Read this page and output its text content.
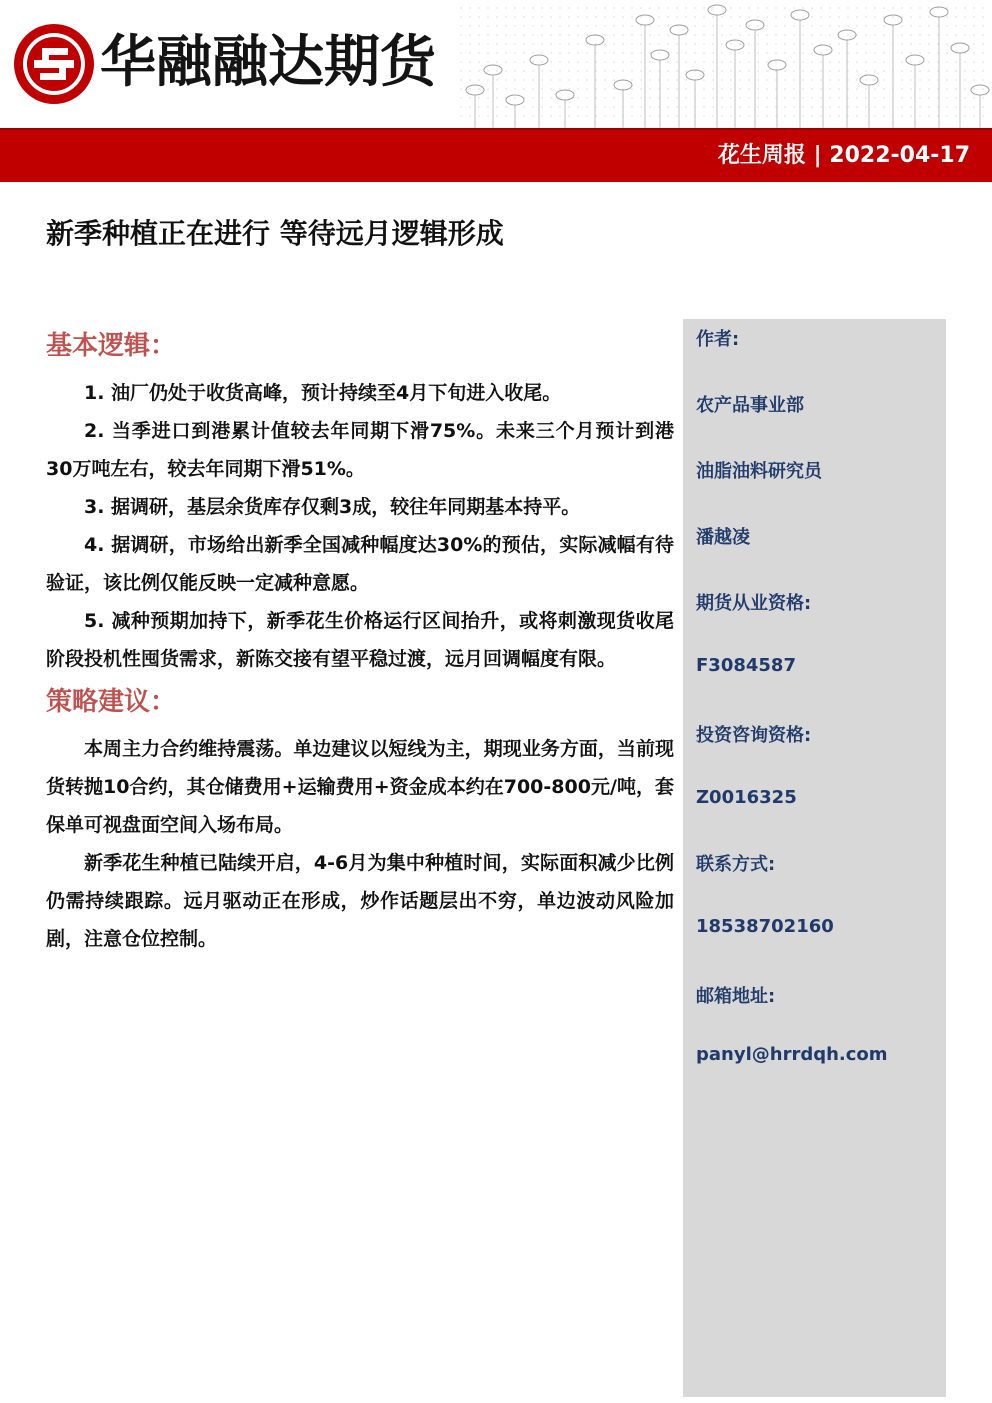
华融融达期货
花生周报 | 2022-04-17
新季种植正在进行 等待远月逻辑形成
基本逻辑：

1. 油厂仍处于收货高峰，预计持续至4月下旬进入收尾。

2. 当季进口到港累计值较去年同期下滑75%。未来三个月预计到港30万吨左右，较去年同期下滑51%。

3. 据调研，基层余货库存仅剩3成，较往年同期基本持平。

4. 据调研，市场给出新季全国减种幅度达30%的预估，实际减幅有待验证，该比例仅能反映一定减种意愿。

5. 减种预期加持下，新季花生价格运行区间抬升，或将刺激现货收尾阶段投机性囤货需求，新陈交接有望平稳过渡，远月回调幅度有限。

策略建议：

本周主力合约维持震荡。单边建议以短线为主，期现业务方面，当前现货转抛10合约，其仓储费用+运输费用+资金成本约在700-800元/吨，套保单可视盘面空间入场布局。

新季花生种植已陆续开启，4-6月为集中种植时间，实际面积减少比例仍需持续跟踪。远月驱动正在形成，炒作话题层出不穷，单边波动风险加剧，注意仓位控制。

作者:
农产品事业部
油脂油料研究员
潘越凌
期货从业资格:
F3084587
投资咨询资格:
Z0016325
联系方式:
18538702160
邮箱地址:
panyl@hrrdqh.com
